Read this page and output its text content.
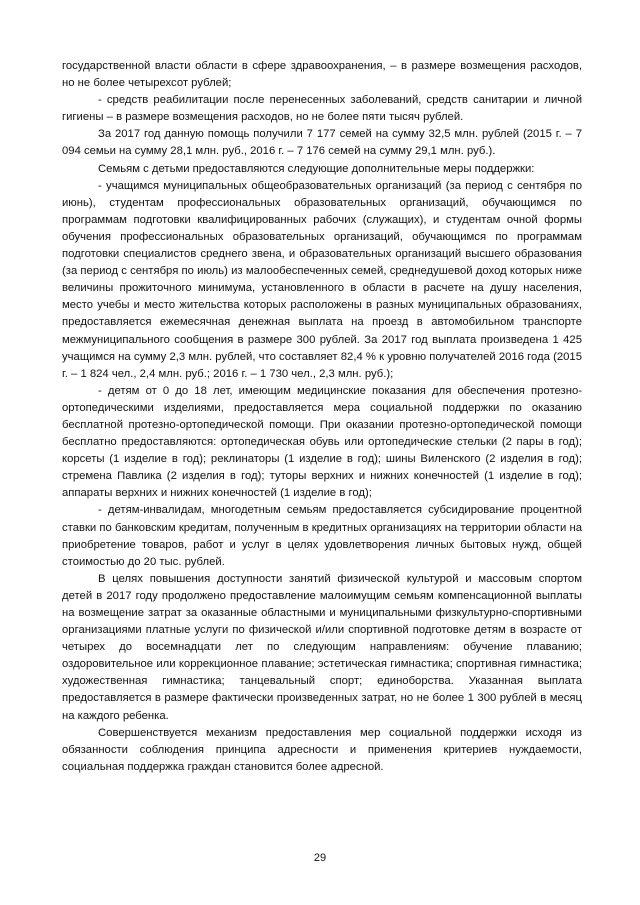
государственной власти области в сфере здравоохранения, – в размере возмещения расходов, но не более четырехсот рублей;

- средств реабилитации после перенесенных заболеваний, средств санитарии и личной гигиены – в размере возмещения расходов, но не более пяти тысяч рублей.

За 2017 год данную помощь получили 7 177 семей на сумму 32,5 млн. рублей (2015 г. – 7 094 семьи на сумму 28,1 млн. руб., 2016 г. – 7 176 семей на сумму 29,1 млн. руб.).

Семьям с детьми предоставляются следующие дополнительные меры поддержки:

- учащимся муниципальных общеобразовательных организаций (за период с сентября по июнь), студентам профессиональных образовательных организаций, обучающимся по программам подготовки квалифицированных рабочих (служащих), и студентам очной формы обучения профессиональных образовательных организаций, обучающимся по программам подготовки специалистов среднего звена, и образовательных организаций высшего образования (за период с сентября по июль) из малообеспеченных семей, среднедушевой доход которых ниже величины прожиточного минимума, установленного в области в расчете на душу населения, место учебы и место жительства которых расположены в разных муниципальных образованиях, предоставляется ежемесячная денежная выплата на проезд в автомобильном транспорте межмуниципального сообщения в размере 300 рублей. За 2017 год выплата произведена 1 425 учащимся на сумму 2,3 млн. рублей, что составляет 82,4 % к уровню получателей 2016 года (2015 г. – 1 824 чел., 2,4 млн. руб.; 2016 г. – 1 730 чел., 2,3 млн. руб.);

- детям от 0 до 18 лет, имеющим медицинские показания для обеспечения протезно-ортопедическими изделиями, предоставляется мера социальной поддержки по оказанию бесплатной протезно-ортопедической помощи. При оказании протезно-ортопедической помощи бесплатно предоставляются: ортопедическая обувь или ортопедические стельки (2 пары в год); корсеты (1 изделие в год); реклинаторы (1 изделие в год); шины Виленского (2 изделия в год); стремена Павлика (2 изделия в год); туторы верхних и нижних конечностей (1 изделие в год); аппараты верхних и нижних конечностей (1 изделие в год);

- детям-инвалидам, многодетным семьям предоставляется субсидирование процентной ставки по банковским кредитам, полученным в кредитных организациях на территории области на приобретение товаров, работ и услуг в целях удовлетворения личных бытовых нужд, общей стоимостью до 20 тыс. рублей.

В целях повышения доступности занятий физической культурой и массовым спортом детей в 2017 году продолжено предоставление малоимущим семьям компенсационной выплаты на возмещение затрат за оказанные областными и муниципальными физкультурно-спортивными организациями платные услуги по физической и/или спортивной подготовке детям в возрасте от четырех до восемнадцати лет по следующим направлениям: обучение плаванию; оздоровительное или коррекционное плавание; эстетическая гимнастика; спортивная гимнастика; художественная гимнастика; танцевальный спорт; единоборства. Указанная выплата предоставляется в размере фактически произведенных затрат, но не более 1 300 рублей в месяц на каждого ребенка.

Совершенствуется механизм предоставления мер социальной поддержки исходя из обязанности соблюдения принципа адресности и применения критериев нуждаемости, социальная поддержка граждан становится более адресной.

29
